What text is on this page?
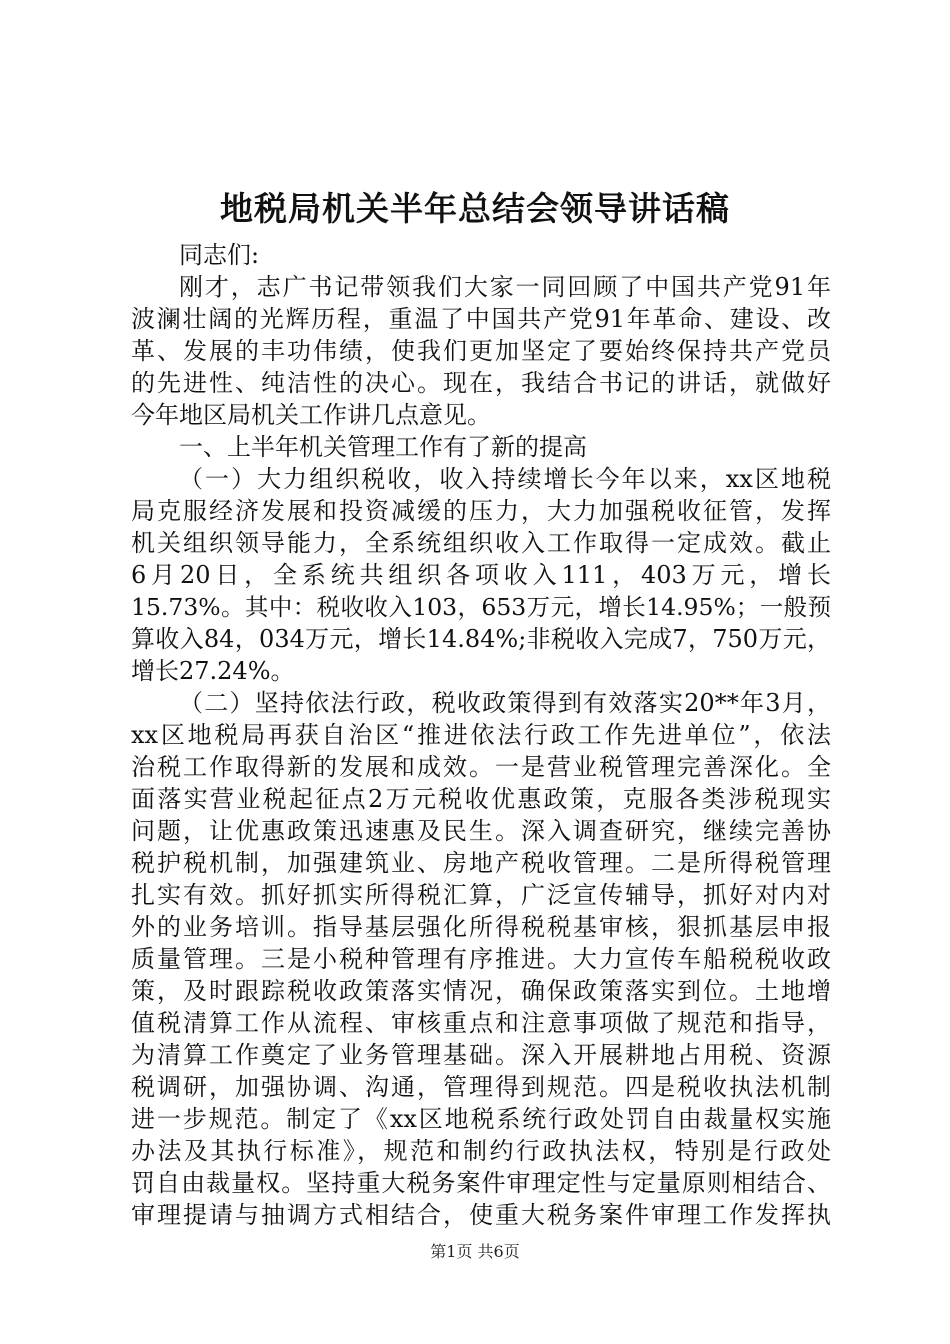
地税局机关半年总结会领导讲话稿
同志们:
刚才，志广书记带领我们大家一同回顾了中国共产党91年
波澜壮阔的光辉历程，重温了中国共产党91年革命、建设、改
革、发展的丰功伟绩，使我们更加坚定了要始终保持共产党员
的先进性、纯洁性的决心。现在，我结合书记的讲话，就做好
今年地区局机关工作讲几点意见。
一、上半年机关管理工作有了新的提高
（一）大力组织税收，收入持续增长今年以来，xx区地税
局克服经济发展和投资减缓的压力，大力加强税收征管，发挥
机关组织领导能力，全系统组织收入工作取得一定成效。截止
6月20日，全系统共组织各项收入111，403万元，增长
15.73%。其中：税收收入103，653万元，增长14.95%；一般预
算收入84，034万元，增长14.84%;非税收入完成7，750万元，
增长27.24%。
（二）坚持依法行政，税收政策得到有效落实20**年3月，
xx区地税局再获自治区“推进依法行政工作先进单位”，依法
治税工作取得新的发展和成效。一是营业税管理完善深化。全
面落实营业税起征点2万元税收优惠政策，克服各类涉税现实
问题，让优惠政策迅速惠及民生。深入调查研究，继续完善协
税护税机制，加强建筑业、房地产税收管理。二是所得税管理
扎实有效。抓好抓实所得税汇算，广泛宣传辅导，抓好对内对
外的业务培训。指导基层强化所得税税基审核，狠抓基层申报
质量管理。三是小税种管理有序推进。大力宣传车船税税收政
策，及时跟踪税收政策落实情况，确保政策落实到位。土地增
值税清算工作从流程、审核重点和注意事项做了规范和指导，
为清算工作奠定了业务管理基础。深入开展耕地占用税、资源
税调研，加强协调、沟通，管理得到规范。四是税收执法机制
进一步规范。制定了《xx区地税系统行政处罚自由裁量权实施
办法及其执行标准》，规范和制约行政执法权，特别是行政处
罚自由裁量权。坚持重大税务案件审理定性与定量原则相结合、
审理提请与抽调方式相结合，使重大税务案件审理工作发挥执

第1页 共6页
